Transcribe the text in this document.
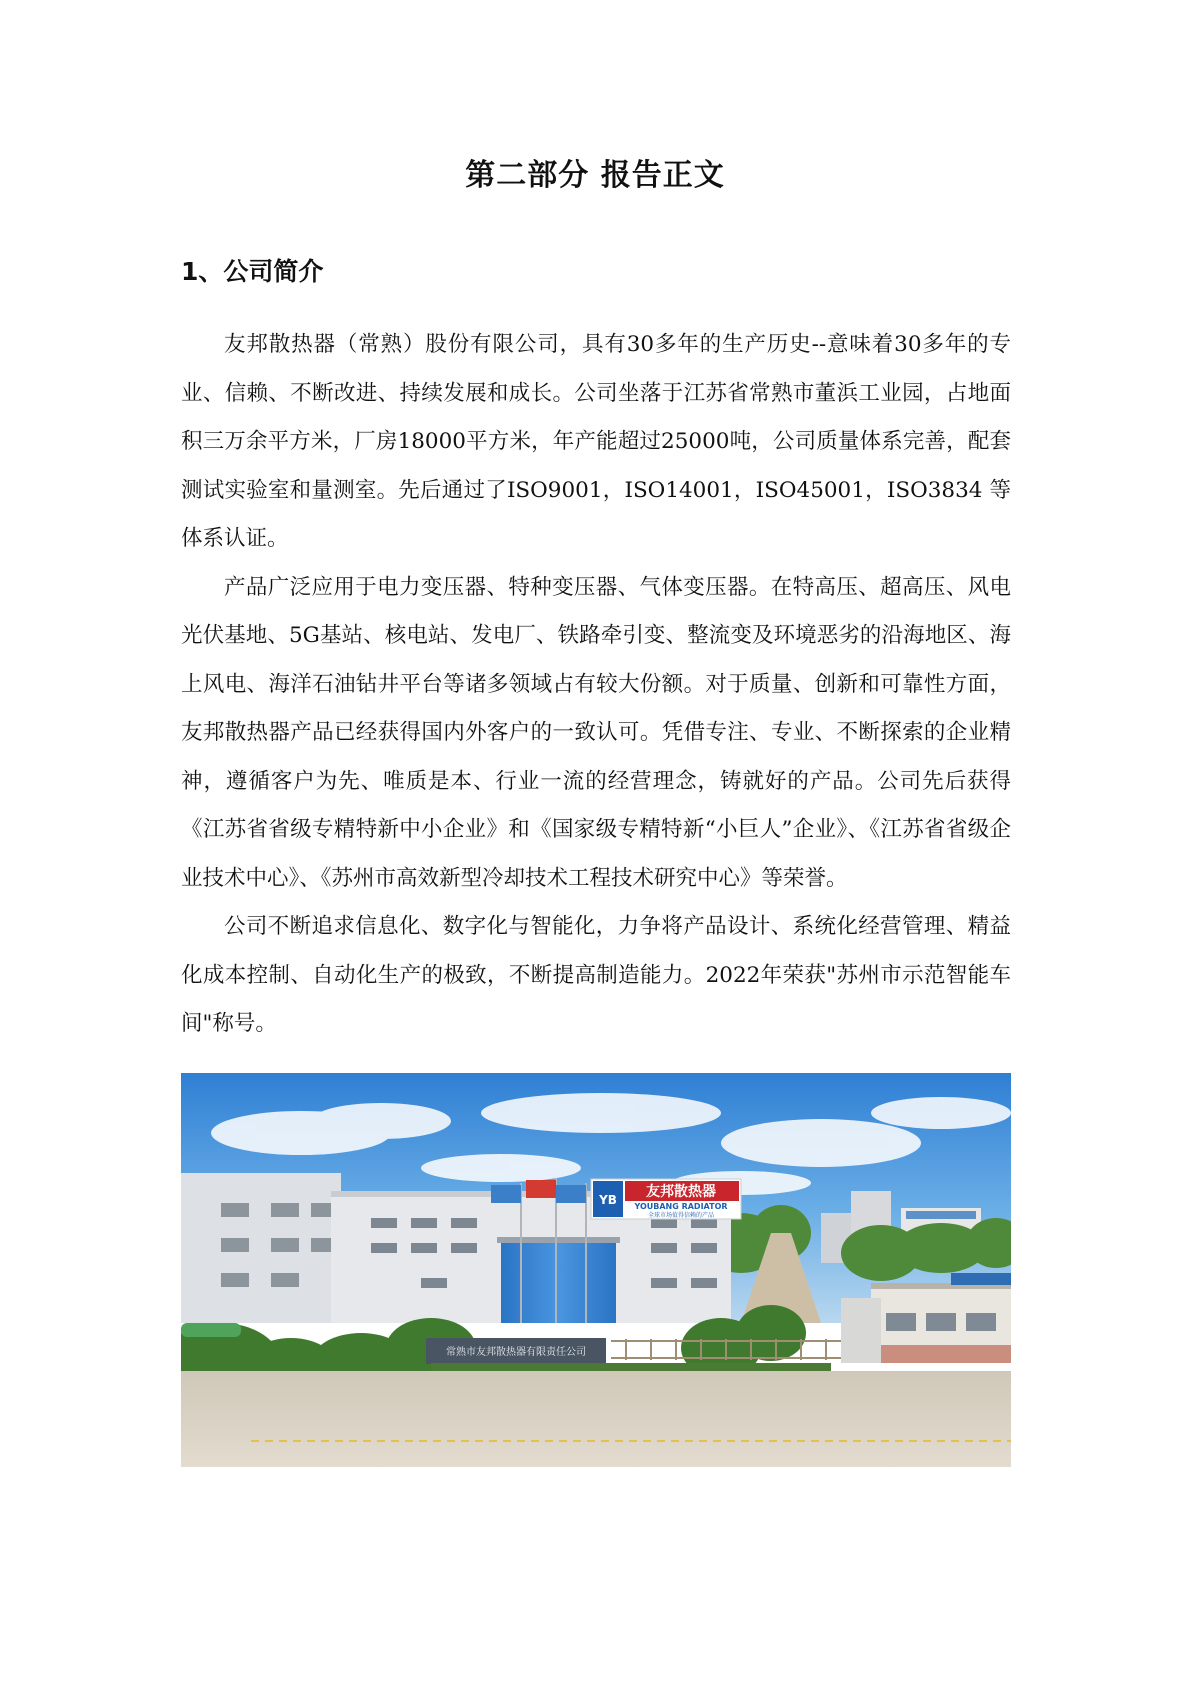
第二部分 报告正文
1、公司简介

友邦散热器（常熟）股份有限公司，具有30多年的生产历史--意味着30多年的专业、信赖、不断改进、持续发展和成长。公司坐落于江苏省常熟市董浜工业园，占地面积三万余平方米，厂房18000平方米，年产能超过25000吨，公司质量体系完善，配套测试实验室和量测室。先后通过了ISO9001，ISO14001，ISO45001，ISO3834 等体系认证。

产品广泛应用于电力变压器、特种变压器、气体变压器。在特高压、超高压、风电光伏基地、5G基站、核电站、发电厂、铁路牵引变、整流变及环境恶劣的沿海地区、海上风电、海洋石油钻井平台等诸多领域占有较大份额。对于质量、创新和可靠性方面，友邦散热器产品已经获得国内外客户的一致认可。凭借专注、专业、不断探索的企业精神，遵循客户为先、唯质是本、行业一流的经营理念，铸就好的产品。公司先后获得《江苏省省级专精特新中小企业》和《国家级专精特新“小巨人”企业》、《江苏省省级企业技术中心》、《苏州市高效新型冷却技术工程技术研究中心》等荣誉。

公司不断追求信息化、数字化与智能化，力争将产品设计、系统化经营管理、精益化成本控制、自动化生产的极致，不断提高制造能力。2022年荣获"苏州市示范智能车间"称号。

YB 友邦散热器
YOUBANG RADIATOR
全球市场值得信赖的产品
常熟市友邦散热器有限责任公司
